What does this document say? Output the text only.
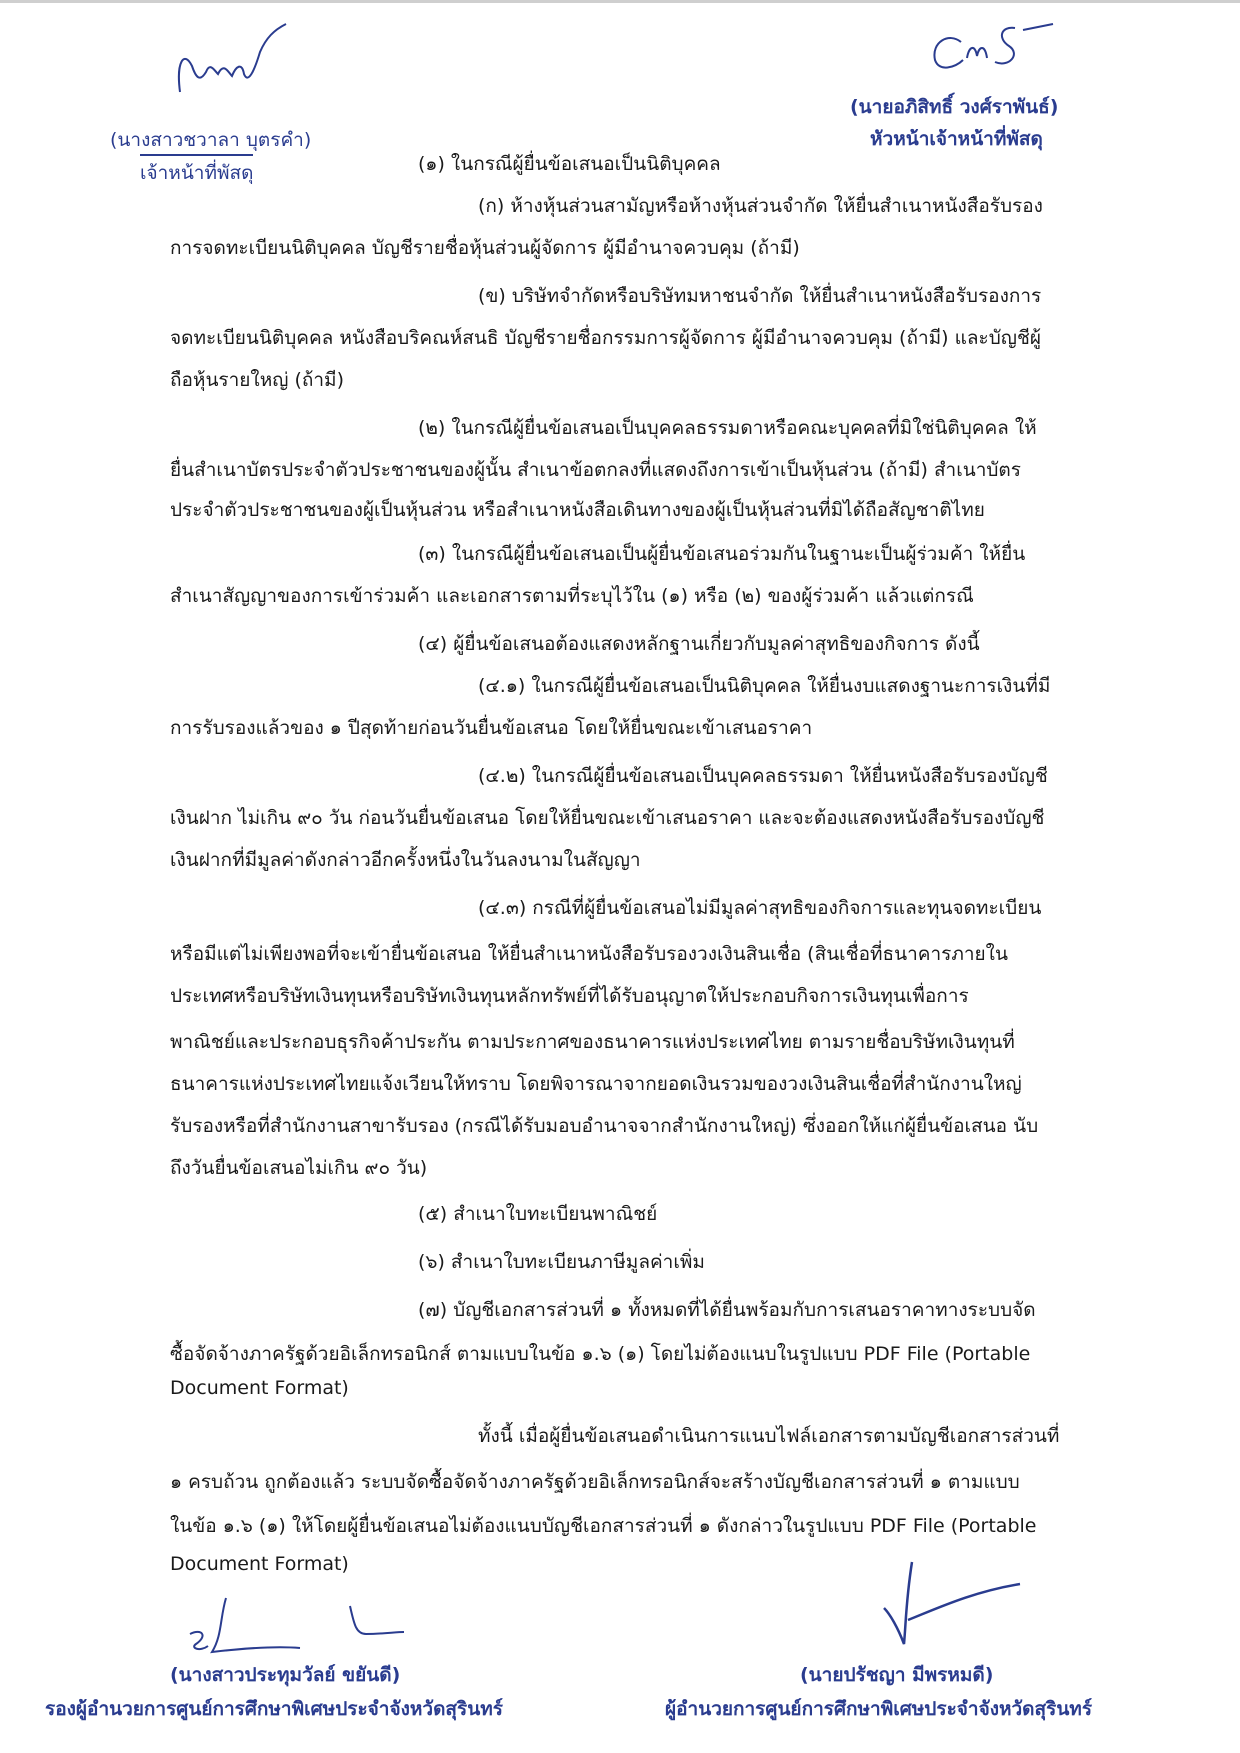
(นางสาวชวาลา บุตรคำ)
เจ้าหน้าที่พัสดุ
(นายอภิสิทธิ์ วงศ์ราพันธ์)
หัวหน้าเจ้าหน้าที่พัสดุ
(๑) ในกรณีผู้ยื่นข้อเสนอเป็นนิติบุคคล
(ก) ห้างหุ้นส่วนสามัญหรือห้างหุ้นส่วนจำกัด ให้ยื่นสำเนาหนังสือรับรอง
การจดทะเบียนนิติบุคคล บัญชีรายชื่อหุ้นส่วนผู้จัดการ ผู้มีอำนาจควบคุม (ถ้ามี)
(ข) บริษัทจำกัดหรือบริษัทมหาชนจำกัด ให้ยื่นสำเนาหนังสือรับรองการ
จดทะเบียนนิติบุคคล หนังสือบริคณห์สนธิ บัญชีรายชื่อกรรมการผู้จัดการ ผู้มีอำนาจควบคุม (ถ้ามี) และบัญชีผู้
ถือหุ้นรายใหญ่ (ถ้ามี)
(๒) ในกรณีผู้ยื่นข้อเสนอเป็นบุคคลธรรมดาหรือคณะบุคคลที่มิใช่นิติบุคคล ให้
ยื่นสำเนาบัตรประจำตัวประชาชนของผู้นั้น สำเนาข้อตกลงที่แสดงถึงการเข้าเป็นหุ้นส่วน (ถ้ามี) สำเนาบัตร
ประจำตัวประชาชนของผู้เป็นหุ้นส่วน หรือสำเนาหนังสือเดินทางของผู้เป็นหุ้นส่วนที่มิได้ถือสัญชาติไทย
(๓) ในกรณีผู้ยื่นข้อเสนอเป็นผู้ยื่นข้อเสนอร่วมกันในฐานะเป็นผู้ร่วมค้า ให้ยื่น
สำเนาสัญญาของการเข้าร่วมค้า และเอกสารตามที่ระบุไว้ใน (๑) หรือ (๒) ของผู้ร่วมค้า แล้วแต่กรณี
(๔) ผู้ยื่นข้อเสนอต้องแสดงหลักฐานเกี่ยวกับมูลค่าสุทธิของกิจการ ดังนี้
(๔.๑) ในกรณีผู้ยื่นข้อเสนอเป็นนิติบุคคล ให้ยื่นงบแสดงฐานะการเงินที่มี
การรับรองแล้วของ ๑ ปีสุดท้ายก่อนวันยื่นข้อเสนอ โดยให้ยื่นขณะเข้าเสนอราคา
(๔.๒) ในกรณีผู้ยื่นข้อเสนอเป็นบุคคลธรรมดา ให้ยื่นหนังสือรับรองบัญชี
เงินฝาก ไม่เกิน ๙๐ วัน ก่อนวันยื่นข้อเสนอ โดยให้ยื่นขณะเข้าเสนอราคา และจะต้องแสดงหนังสือรับรองบัญชี
เงินฝากที่มีมูลค่าดังกล่าวอีกครั้งหนึ่งในวันลงนามในสัญญา
(๔.๓) กรณีที่ผู้ยื่นข้อเสนอไม่มีมูลค่าสุทธิของกิจการและทุนจดทะเบียน
หรือมีแต่ไม่เพียงพอที่จะเข้ายื่นข้อเสนอ ให้ยื่นสำเนาหนังสือรับรองวงเงินสินเชื่อ (สินเชื่อที่ธนาคารภายใน
ประเทศหรือบริษัทเงินทุนหรือบริษัทเงินทุนหลักทรัพย์ที่ได้รับอนุญาตให้ประกอบกิจการเงินทุนเพื่อการ
พาณิชย์และประกอบธุรกิจค้าประกัน ตามประกาศของธนาคารแห่งประเทศไทย ตามรายชื่อบริษัทเงินทุนที่
ธนาคารแห่งประเทศไทยแจ้งเวียนให้ทราบ โดยพิจารณาจากยอดเงินรวมของวงเงินสินเชื่อที่สำนักงานใหญ่
รับรองหรือที่สำนักงานสาขารับรอง (กรณีได้รับมอบอำนาจจากสำนักงานใหญ่) ซึ่งออกให้แก่ผู้ยื่นข้อเสนอ นับ
ถึงวันยื่นข้อเสนอไม่เกิน ๙๐ วัน)
(๕) สำเนาใบทะเบียนพาณิชย์
(๖) สำเนาใบทะเบียนภาษีมูลค่าเพิ่ม
(๗) บัญชีเอกสารส่วนที่ ๑ ทั้งหมดที่ได้ยื่นพร้อมกับการเสนอราคาทางระบบจัด
ซื้อจัดจ้างภาครัฐด้วยอิเล็กทรอนิกส์ ตามแบบในข้อ ๑.๖ (๑) โดยไม่ต้องแนบในรูปแบบ PDF File (Portable
Document Format)
ทั้งนี้ เมื่อผู้ยื่นข้อเสนอดำเนินการแนบไฟล์เอกสารตามบัญชีเอกสารส่วนที่
๑ ครบถ้วน ถูกต้องแล้ว ระบบจัดซื้อจัดจ้างภาครัฐด้วยอิเล็กทรอนิกส์จะสร้างบัญชีเอกสารส่วนที่ ๑ ตามแบบ
ในข้อ ๑.๖ (๑) ให้โดยผู้ยื่นข้อเสนอไม่ต้องแนบบัญชีเอกสารส่วนที่ ๑ ดังกล่าวในรูปแบบ PDF File (Portable
Document Format)
(นางสาวประทุมวัลย์ ขยันดี)
รองผู้อำนวยการศูนย์การศึกษาพิเศษประจำจังหวัดสุรินทร์
(นายปรัชญา มีพรหมดี)
ผู้อำนวยการศูนย์การศึกษาพิเศษประจำจังหวัดสุรินทร์
